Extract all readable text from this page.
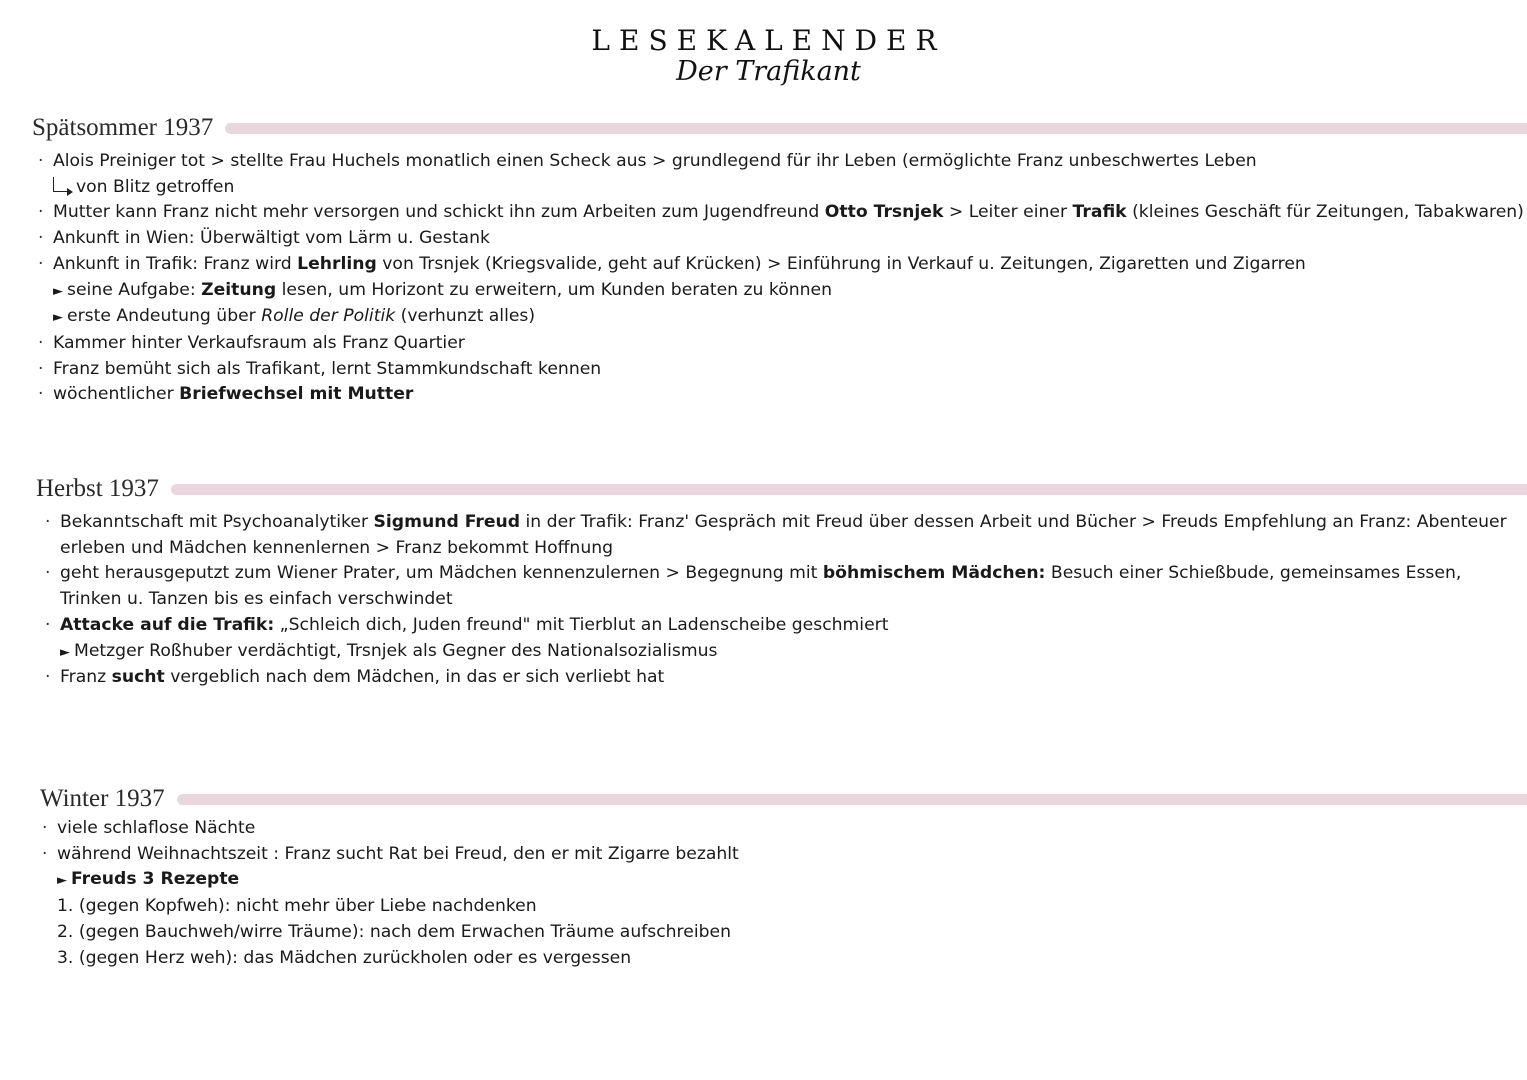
LESEKALENDER
Der Trafikant
Spätsommer 1937
· Alois Preiniger tot > stellte Frau Huchels monatlich einen Scheck aus > grundlegend für ihr Leben (ermöglichte Franz unbeschwertes Leben
von Blitz getroffen
· Mutter kann Franz nicht mehr versorgen und schickt ihn zum Arbeiten zum Jugendfreund Otto Trsnjek > Leiter einer Trafik (kleines Geschäft für Zeitungen, Tabakwaren)
· Ankunft in Wien: Überwältigt vom Lärm u. Gestank
· Ankunft in Trafik: Franz wird Lehrling von Trsnjek (Kriegsvalide, geht auf Krücken) > Einführung in Verkauf u. Zeitungen, Zigaretten und Zigarren
► seine Aufgabe: Zeitung lesen, um Horizont zu erweitern, um Kunden beraten zu können
► erste Andeutung über Rolle der Politik (verhunzt alles)
· Kammer hinter Verkaufsraum als Franz Quartier
· Franz bemüht sich als Trafikant, lernt Stammkundschaft kennen
· wöchentlicher Briefwechsel mit Mutter
Herbst 1937
· Bekanntschaft mit Psychoanalytiker Sigmund Freud in der Trafik: Franz' Gespräch mit Freud über dessen Arbeit und Bücher > Freuds Empfehlung an Franz: Abenteuer erleben und Mädchen kennenlernen > Franz bekommt Hoffnung
· geht herausgeputzt zum Wiener Prater, um Mädchen kennenzulernen > Begegnung mit böhmischem Mädchen: Besuch einer Schießbude, gemeinsames Essen, Trinken u. Tanzen bis es einfach verschwindet
· Attacke auf die Trafik: „Schleich dich, Juden freund" mit Tierblut an Ladenscheibe geschmiert
► Metzger Roßhuber verdächtigt, Trsnjek als Gegner des Nationalsozialismus
· Franz sucht vergeblich nach dem Mädchen, in das er sich verliebt hat
Winter 1937
· viele schlaflose Nächte
· während Weihnachtszeit : Franz sucht Rat bei Freud, den er mit Zigarre bezahlt
► Freuds 3 Rezepte
1. (gegen Kopfweh): nicht mehr über Liebe nachdenken
2. (gegen Bauchweh/wirre Träume): nach dem Erwachen Träume aufschreiben
3. (gegen Herz weh): das Mädchen zurückholen oder es vergessen
